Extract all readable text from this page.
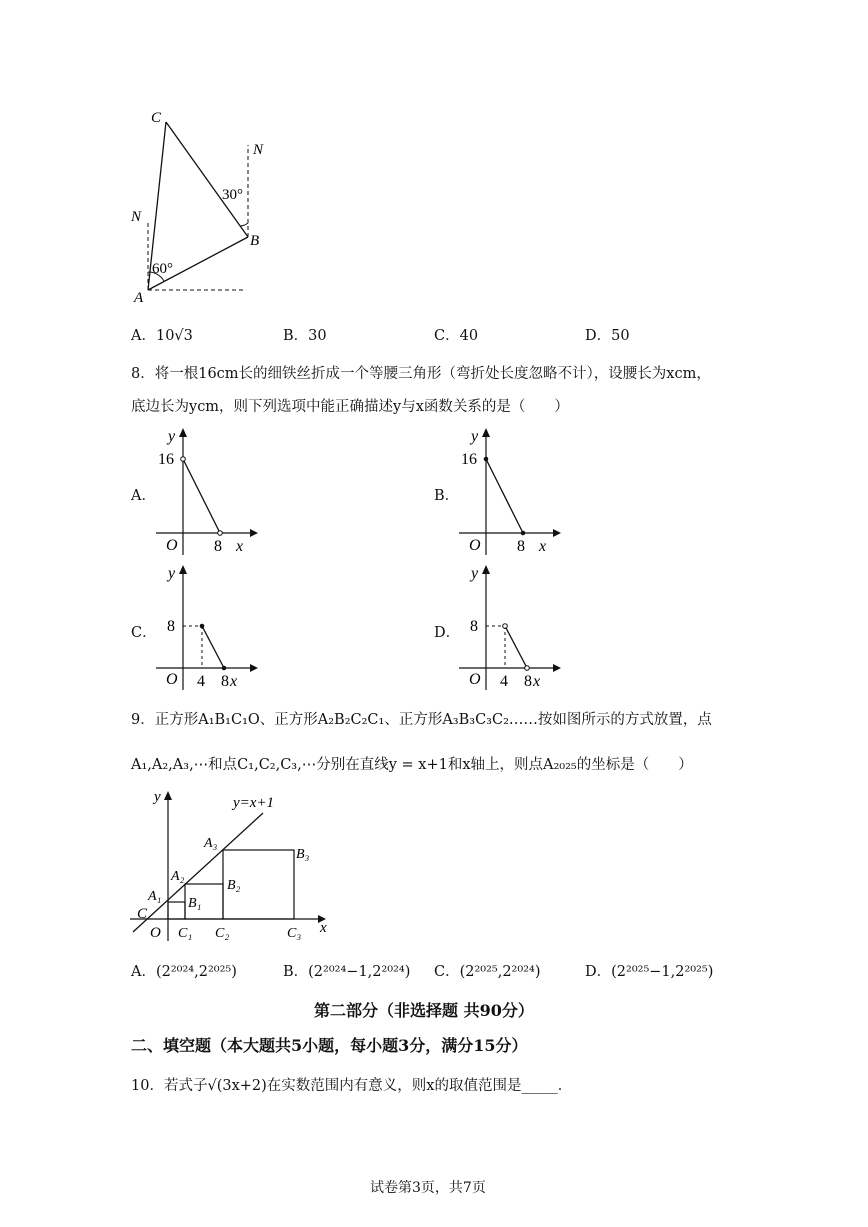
C
N
30°
N
B
60°
A
A．10√3	B．30	C．40	D．50
8．将一根16cm长的细铁丝折成一个等腰三角形（弯折处长度忽略不计），设腰长为xcm，
底边长为ycm，则下列选项中能正确描述y与x函数关系的是（　　）
A．	B．
C．	D．
y
16
O 8 x
y
16
O 8 x
y
8
O 4 8 x
y
8
O 4 8 x
9．正方形A₁B₁C₁O、正方形A₂B₂C₂C₁、正方形A₃B₃C₃C₂……按如图所示的方式放置，点
A₁,A₂,A₃,⋯和点C₁,C₂,C₃,⋯分别在直线y = x+1和x轴上，则点A₂₀₂₅的坐标是（　　）
y	y=x+1
A₃
B₃
A₂
B₂
A₁ B₁
C
O C₁ C₂	C₃ x
A．(2²⁰²⁴,2²⁰²⁵)	B．(2²⁰²⁴−1,2²⁰²⁴) C．(2²⁰²⁵,2²⁰²⁴)	D．(2²⁰²⁵−1,2²⁰²⁵)
第二部分（非选择题 共90分）
二、填空题（本大题共5小题，每小题3分，满分15分）
10．若式子√(3x+2)在实数范围内有意义，则x的取值范围是_____．
试卷第3页，共7页
